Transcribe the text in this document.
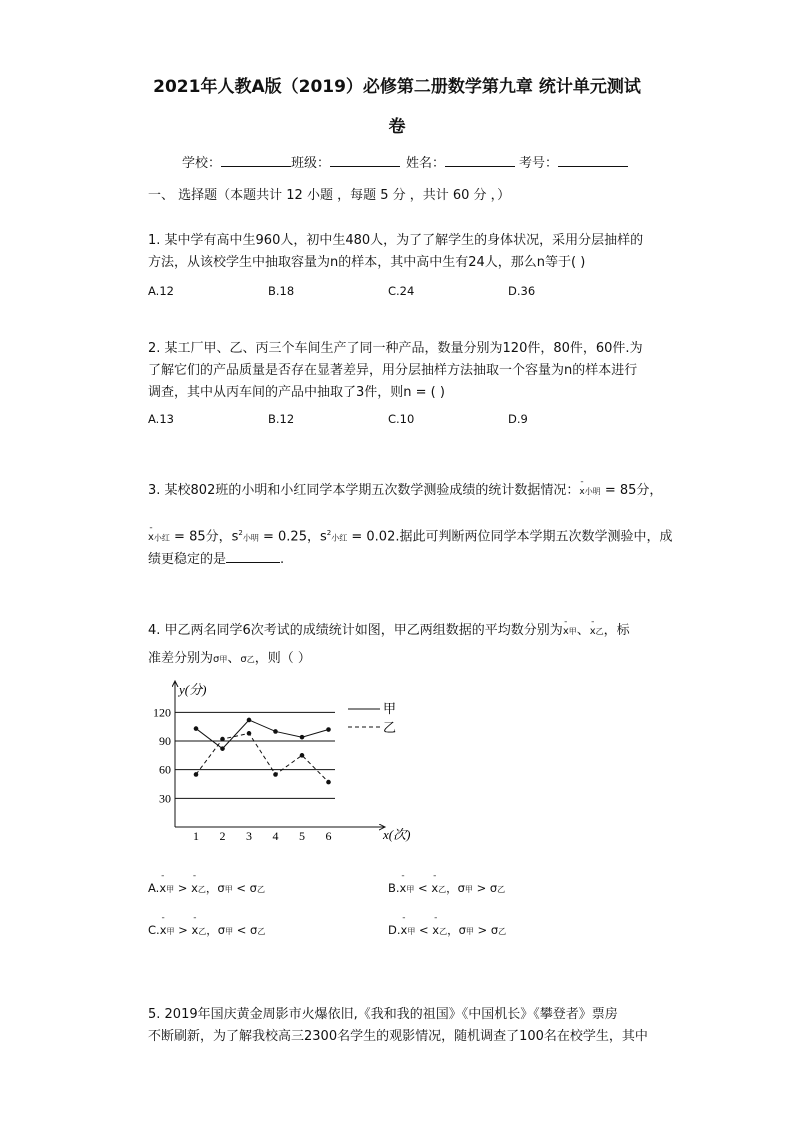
2021年人教A版（2019）必修第二册数学第九章 统计单元测试
卷
学校：	班级：	姓名：	考号：
一、 选择题（本题共计 12 小题 ，每题 5 分 ，共计 60 分 ，）
1. 某中学有高中生960人，初中生480人，为了了解学生的身体状况，采用分层抽样的
方法，从该校学生中抽取容量为n的样本，其中高中生有24人，那么n等于( )
A.12	B.18	C.24	D.36
2. 某工厂甲、乙、丙三个车间生产了同一种产品，数量分别为120件，80件，60件.为
了解它们的产品质量是否存在显著差异，用分层抽样方法抽取一个容量为n的样本进行
调查，其中从丙车间的产品中抽取了3件，则n = ( )
A.13	B.12	C.10	D.9
3. 某校802班的小明和小红同学本学期五次数学测验成绩的统计数据情况：- x小明 = 85分，
- x小红 = 85分，$s^2$小明 = 0.25，$s^2$小红 = 0.02.据此可判断两位同学本学期五次数学测验中，成
绩更稳定的是	.
4. 甲乙两名同学6次考试的成绩统计如图，甲乙两组数据的平均数分别为- x甲、- x乙，标
准差分别为σ甲、σ乙，则（ ）
y(分)
x(次)
30
60
90
120
1 2 3 4 5 6
甲
乙
A.- x甲 > - x乙，σ甲 < σ乙	B.- x甲 < - x乙，σ甲 > σ乙
C.- x甲 > - x乙，σ甲 < σ乙	D.- x甲 < - x乙，σ甲 > σ乙
5. 2019年国庆黄金周影市火爆依旧,《我和我的祖国》《中国机长》《攀登者》票房
不断刷新，为了解我校高三2300名学生的观影情况，随机调查了100名在校学生，其中
